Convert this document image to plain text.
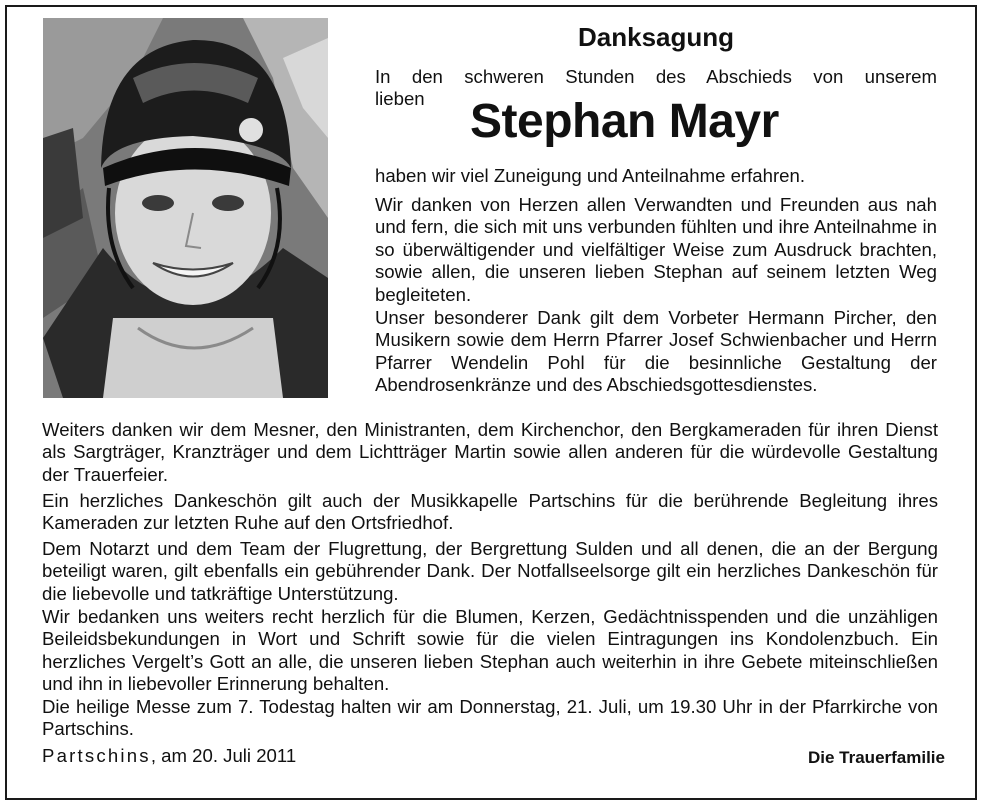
Danksagung

In den schweren Stunden des Abschieds von unserem

lieben Stephan Mayr

haben wir viel Zuneigung und Anteilnahme erfahren.

Wir danken von Herzen allen Verwandten und Freunden aus nah und fern, die sich mit uns verbunden fühlten und ihre Anteilnahme in so überwältigender und vielfältiger Weise zum Ausdruck brachten, sowie allen, die unseren lieben Stephan auf seinem letzten Weg begleiteten.

Unser besonderer Dank gilt dem Vorbeter Hermann Pircher, den Musikern sowie dem Herrn Pfarrer Josef Schwienbacher und Herrn Pfarrer Wendelin Pohl für die besinnliche Gestaltung der Abendrosenkränze und des Abschiedsgottesdienstes.

Weiters danken wir dem Mesner, den Ministranten, dem Kirchenchor, den Bergkameraden für ihren Dienst als Sargträger, Kranzträger und dem Lichtträger Martin sowie allen anderen für die würdevolle Gestaltung der Trauerfeier.

Ein herzliches Dankeschön gilt auch der Musikkapelle Partschins für die berührende Begleitung ihres Kameraden zur letzten Ruhe auf den Ortsfriedhof.

Dem Notarzt und dem Team der Flugrettung, der Bergrettung Sulden und all denen, die an der Bergung beteiligt waren, gilt ebenfalls ein gebührender Dank. Der Notfallseelsorge gilt ein herzliches Dankeschön für die liebevolle und tatkräftige Unterstützung.

Wir bedanken uns weiters recht herzlich für die Blumen, Kerzen, Gedächtnisspenden und die unzähligen Beileidsbekundungen in Wort und Schrift sowie für die vielen Eintragungen ins Kondolenzbuch. Ein herzliches Vergelt’s Gott an alle, die unseren lieben Stephan auch weiterhin in ihre Gebete miteinschließen und ihn in liebevoller Erinnerung behalten.

Die heilige Messe zum 7. Todestag halten wir am Donnerstag, 21. Juli, um 19.30 Uhr in der Pfarrkirche von Partschins.

Partschins, am 20. Juli 2011	Die Trauerfamilie
